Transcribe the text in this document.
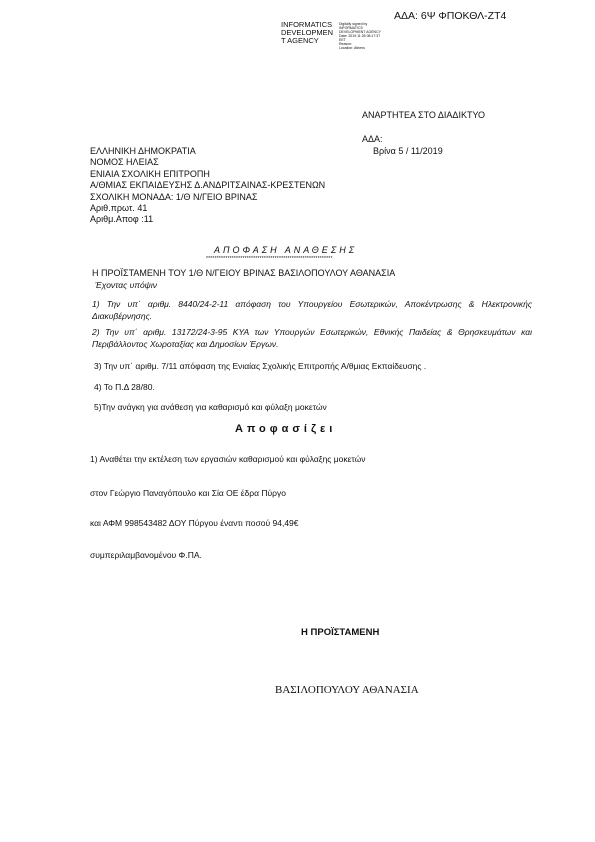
ΑΔΑ: 6Ψ ΦΠΟΚΘΛ-ΖΤ4
INFORMATICS
DEVELOPMEN
T AGENCY
Digitally signed by
INFORMATICS
DEVELOPMENT AGENCY
Date: 2019.11.05 08:17:37
EET
Reason:
Location: Athens
ΑΝΑΡΤΗΤΕΑ ΣΤΟ ΔΙΑΔΙΚΤΥΟ
ΑΔΑ:
Βρίνα 5 / 11/2019
ΕΛΛΗΝΙΚΗ ΔΗΜΟΚΡΑΤΙΑ
ΝΟΜΟΣ ΗΛΕΙΑΣ
ΕΝΙΑΙΑ ΣΧΟΛΙΚΗ ΕΠΙΤΡΟΠΗ
Α/ΘΜΙΑΣ ΕΚΠΑΙΔΕΥΣΗΣ Δ.ΑΝΔΡΙΤΣΑΙΝΑΣ-ΚΡΕΣΤΕΝΩΝ
ΣΧΟΛΙΚΗ ΜΟΝΑΔΑ: 1/Θ Ν/ΓΕΙΟ ΒΡΙΝΑΣ
Αριθ.πρωτ. 41
Αριθμ.Αποφ :11
ΑΠΟΦΑΣΗ ΑΝΑΘΕΣΗΣ
***********************************************************
Η ΠΡΟΪΣΤΑΜΕΝΗ ΤΟΥ 1/Θ Ν/ΓΕΙΟΥ ΒΡΙΝΑΣ ΒΑΣΙΛΟΠΟΥΛΟΥ ΑΘΑΝΑΣΙΑ
Έχοντας υπόψιν
1) Την υπ΄ αριθμ. 8440/24-2-11 απόφαση του Υπουργείου Εσωτερικών, Αποκέντρωσης & Ηλεκτρονικής Διακυβέρνησης.
2) Την υπ΄ αριθμ. 13172/24-3-95 ΚΥΑ των Υπουργών Εσωτερικών, Εθνικής Παιδείας & Θρησκευμάτων και Περιβάλλοντος Χωροταξίας και Δημοσίων Έργων.
3) Την υπ΄ αριθμ. 7/11 απόφαση της Ενιαίας Σχολικής Επιτροπής Α/θμιας Εκπαίδευσης .
4) Το Π.Δ 28/80.
5)Την ανάγκη για ανάθεση για καθαρισμό και φύλαξη μοκετών
Αποφασίζει
1) Αναθέτει την εκτέλεση των εργασιών καθαρισμού και φύλαξης μοκετών
στον Γεώργιο Παναγόπουλο και Σία ΟΕ έδρα Πύργο
και ΑΦΜ 998543482 ΔΟΥ Πύργου έναντι ποσού 94,49€
συμπεριλαμβανομένου Φ.ΠΑ.
Η ΠΡΟΪΣΤΑΜΕΝΗ
ΒΑΣΙΛΟΠΟΥΛΟΥ ΑΘΑΝΑΣΙΑ
